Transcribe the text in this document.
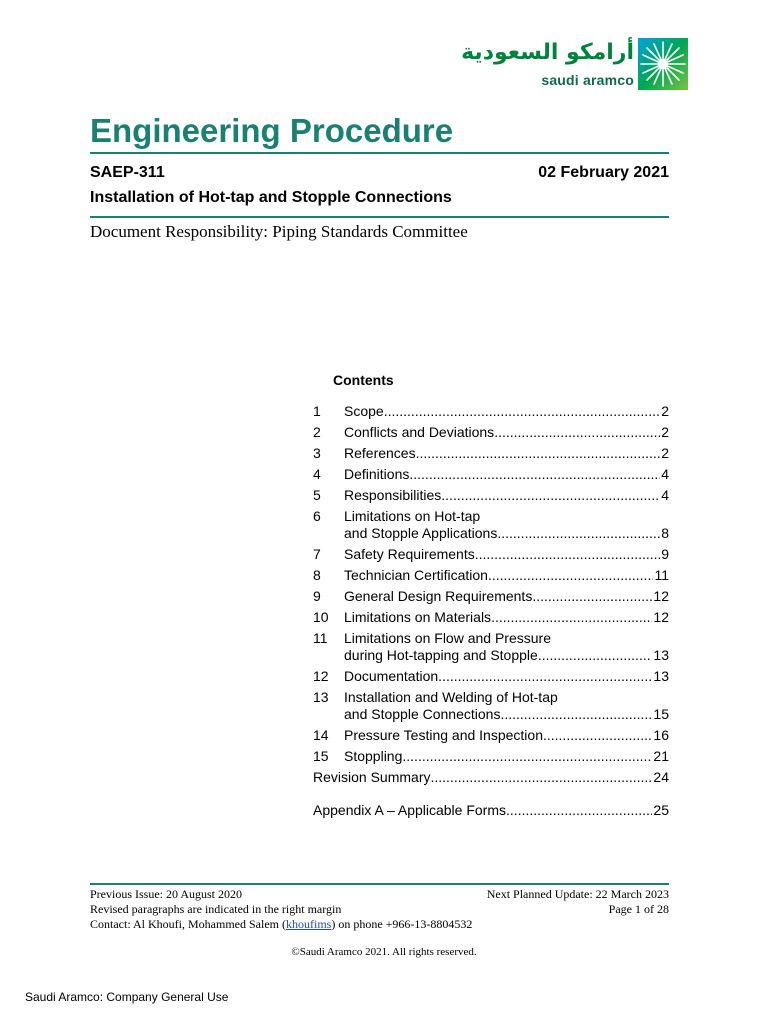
أرامكو السعودية
saudi aramco
Engineering Procedure
SAEP-311	02 February 2021
Installation of Hot-tap and Stopple Connections
Document Responsibility: Piping Standards Committee
Contents
1	Scope .....	2
2	Conflicts and Deviations .....	2
3	References .....	2
4	Definitions .....	4
5	Responsibilities .....	4
6	Limitations on Hot-tap
and Stopple Applications .....	8
7	Safety Requirements .....	9
8	Technician Certification .....	11
9	General Design Requirements .....	12
10	Limitations on Materials .....	12
11	Limitations on Flow and Pressure
during Hot-tapping and Stopple .....	13
12	Documentation .....	13
13	Installation and Welding of Hot-tap
and Stopple Connections .....	15
14	Pressure Testing and Inspection .....	16
15	Stoppling .....	21
Revision Summary .....	24
Appendix A – Applicable Forms .....	25
Previous Issue: 20 August 2020	Next Planned Update: 22 March 2023
Revised paragraphs are indicated in the right margin	Page 1 of 28
Contact: Al Khoufi, Mohammed Salem (khoufims) on phone +966-13-8804532
©Saudi Aramco 2021. All rights reserved.
Saudi Aramco: Company General Use
